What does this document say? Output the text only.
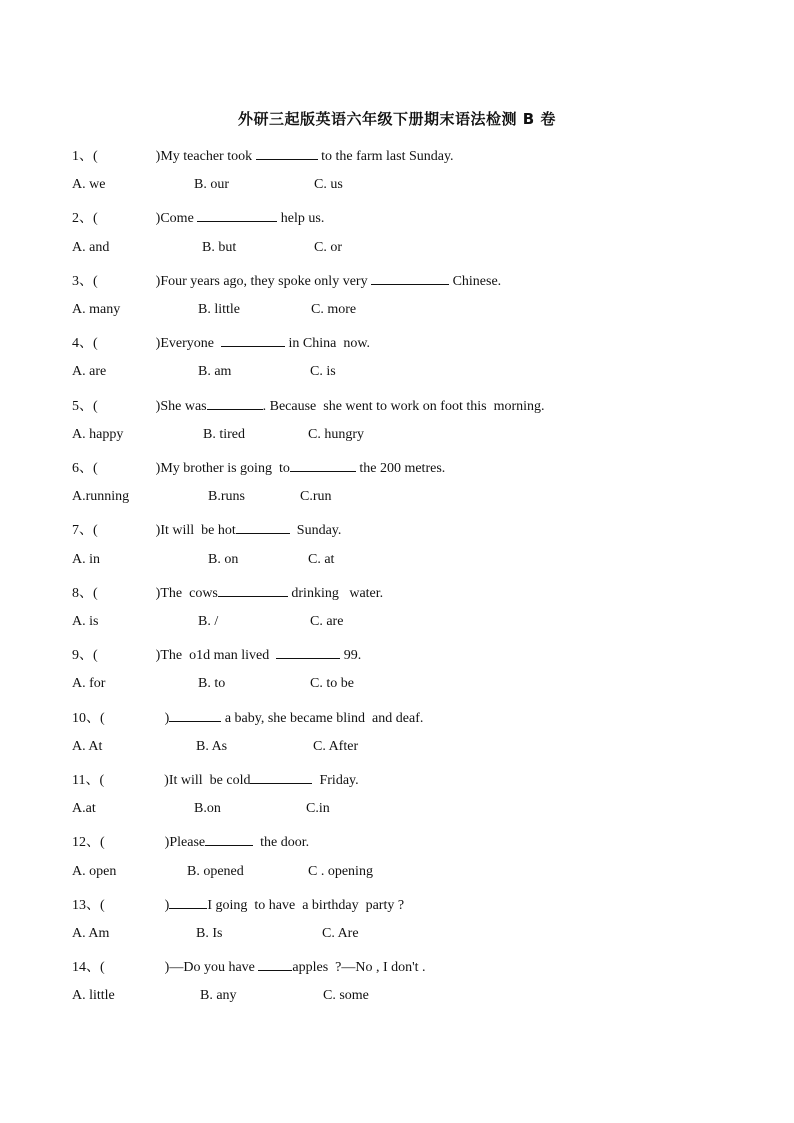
外研三起版英语六年级下册期末语法检测 B 卷
1、(	)My teacher took	to the farm last Sunday.
A. we	B. our	C. us
2、(	)Come	help us.
A. and	B. but	C. or
3、(	)Four years ago, they spoke only very	Chinese.
A. many	B. little	C. more
4、(	)Everyone	in China  now.
A. are	B. am	C. is
5、(	)She was	. Because  she went to work on foot this  morning.
A. happy	B. tired	C. hungry
6、(	)My brother is going  to	the 200 metres.
A.running	B.runs	C.run
7、(	)It will  be hot	Sunday.
A. in	B. on	C. at
8、(	)The  cows	drinking   water.
A. is	B. /	C. are
9、(	)The  o1d man lived	99.
A. for	B. to	C. to be
10、(	)	a baby, she became blind  and deaf.
A. At	B. As	C. After
11、(	)It will  be cold	Friday.
A.at	B.on	C.in
12、(	)Please	the door.
A. open	B. opened	C . opening
13、(	)	I going  to have  a birthday  party ?
A. Am	B. Is	C. Are
14、(	)—Do you have apples  ?—No , I don't .
A. little	B. any	C. some
